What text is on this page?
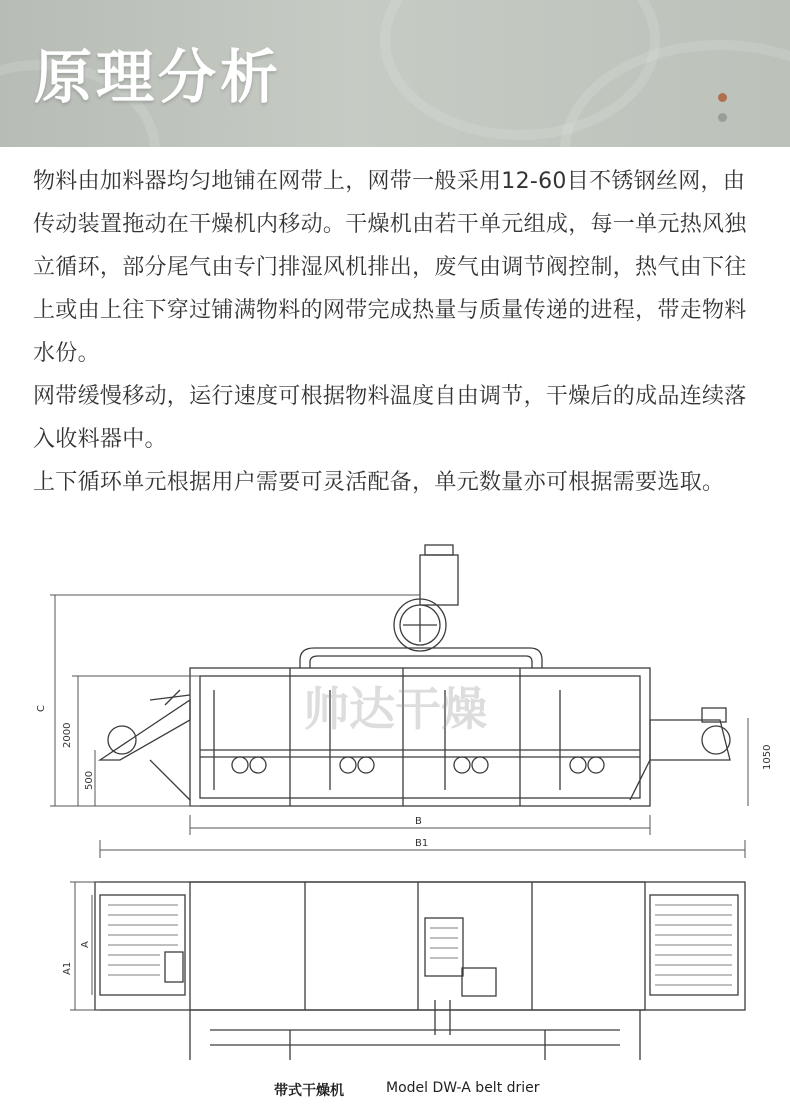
原理分析

物料由加料器均匀地铺在网带上，网带一般采用12-60目不锈钢丝网，由传动装置拖动在干燥机内移动。干燥机由若干单元组成，每一单元热风独立循环，部分尾气由专门排湿风机排出，废气由调节阀控制，热气由下往上或由上往下穿过铺满物料的网带完成热量与质量传递的进程，带走物料水份。

网带缓慢移动，运行速度可根据物料温度自由调节，干燥后的成品连续落入收料器中。

上下循环单元根据用户需要可灵活配备，单元数量亦可根据需要选取。

C
2000
500
1050
B
B1
A
A1
帅达干燥
带式干燥机	Model DW-A belt drier
